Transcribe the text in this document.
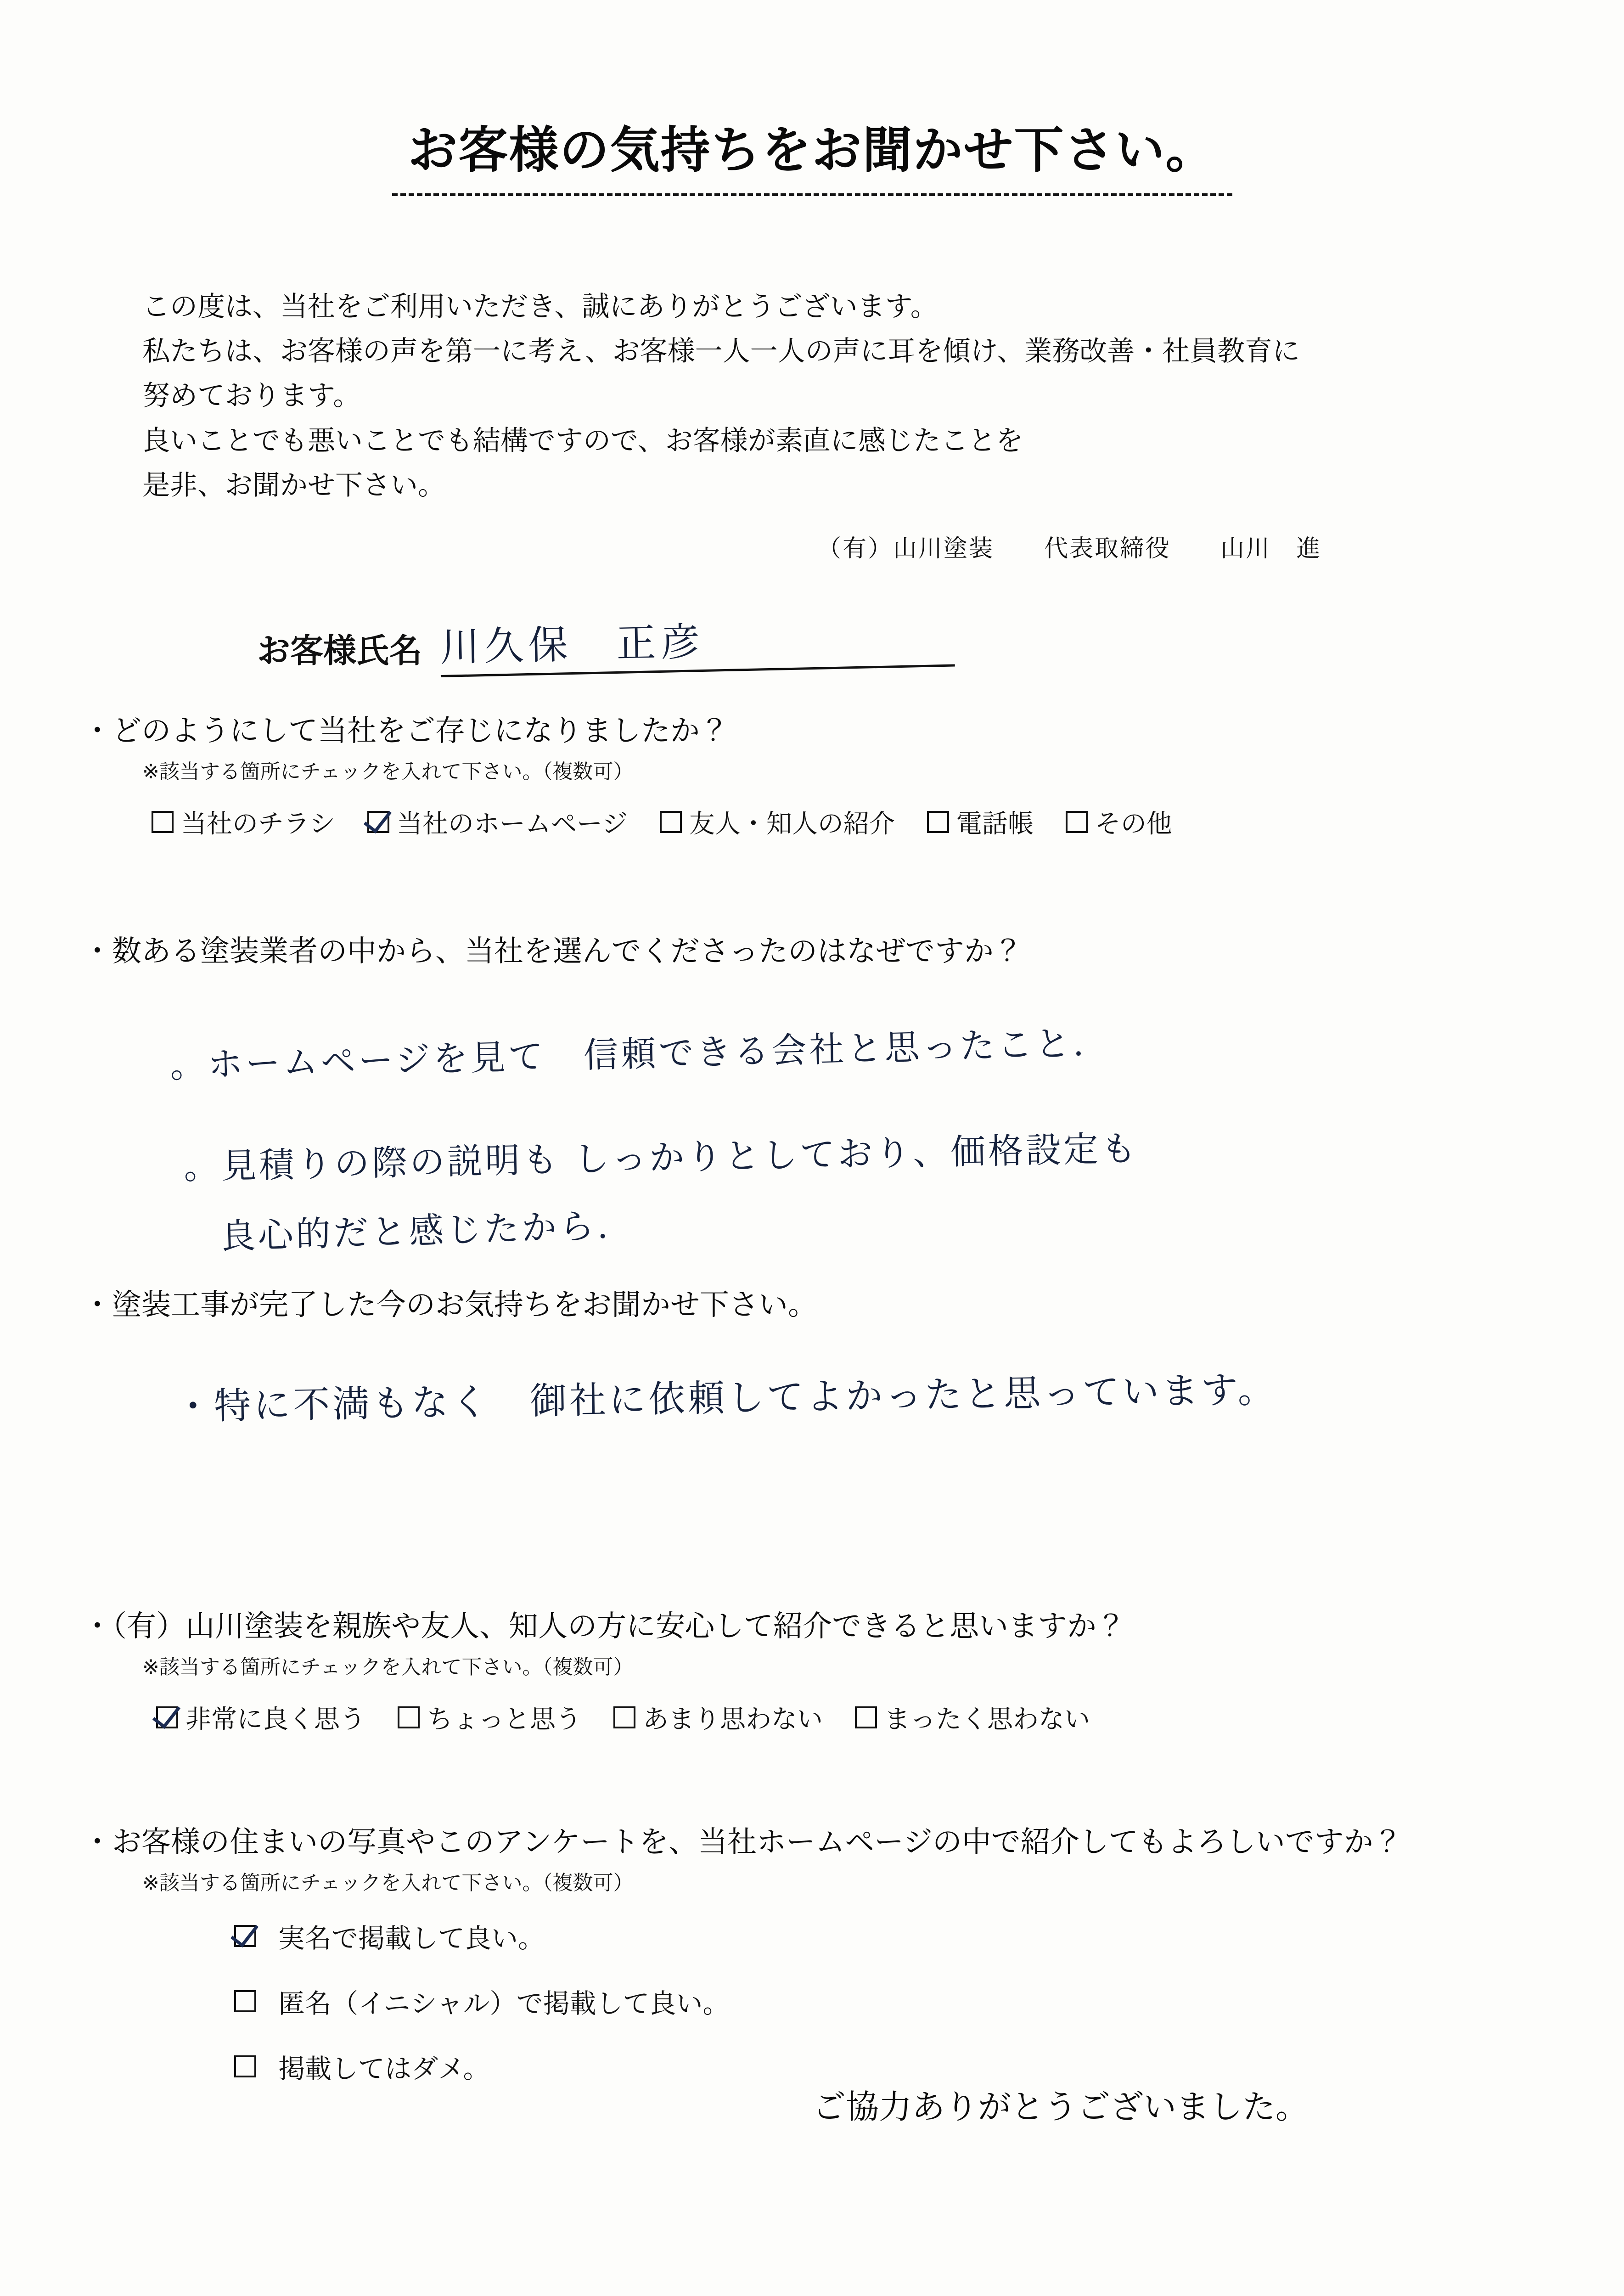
お客様の気持ちをお聞かせ下さい。
この度は、当社をご利用いただき、誠にありがとうございます。
私たちは、お客様の声を第一に考え、お客様一人一人の声に耳を傾け、業務改善・社員教育に
努めております。
良いことでも悪いことでも結構ですので、お客様が素直に感じたことを
是非、お聞かせ下さい。
（有）山川塗装 代表取締役 山川　進
お客様氏名 川久保　正彦
・どのようにして当社をご存じになりましたか？
※該当する箇所にチェックを入れて下さい。（複数可）
当社のチラシ 当社のホームページ 友人・知人の紹介 電話帳 その他
・数ある塗装業者の中から、当社を選んでくださったのはなぜですか？
。ホームページを見て　信頼できる会社と思ったこと.
。見積りの際の説明も しっかりとしており、価格設定も
良心的だと感じたから.
・塗装工事が完了した今のお気持ちをお聞かせ下さい。
・特に不満もなく　御社に依頼してよかったと思っています。
・（有）山川塗装を親族や友人、知人の方に安心して紹介できると思いますか？
※該当する箇所にチェックを入れて下さい。（複数可）
非常に良く思う ちょっと思う あまり思わない まったく思わない
・お客様の住まいの写真やこのアンケートを、当社ホームページの中で紹介してもよろしいですか？
※該当する箇所にチェックを入れて下さい。（複数可）
実名で掲載して良い。
匿名（イニシャル）で掲載して良い。
掲載してはダメ。
ご協力ありがとうございました。
